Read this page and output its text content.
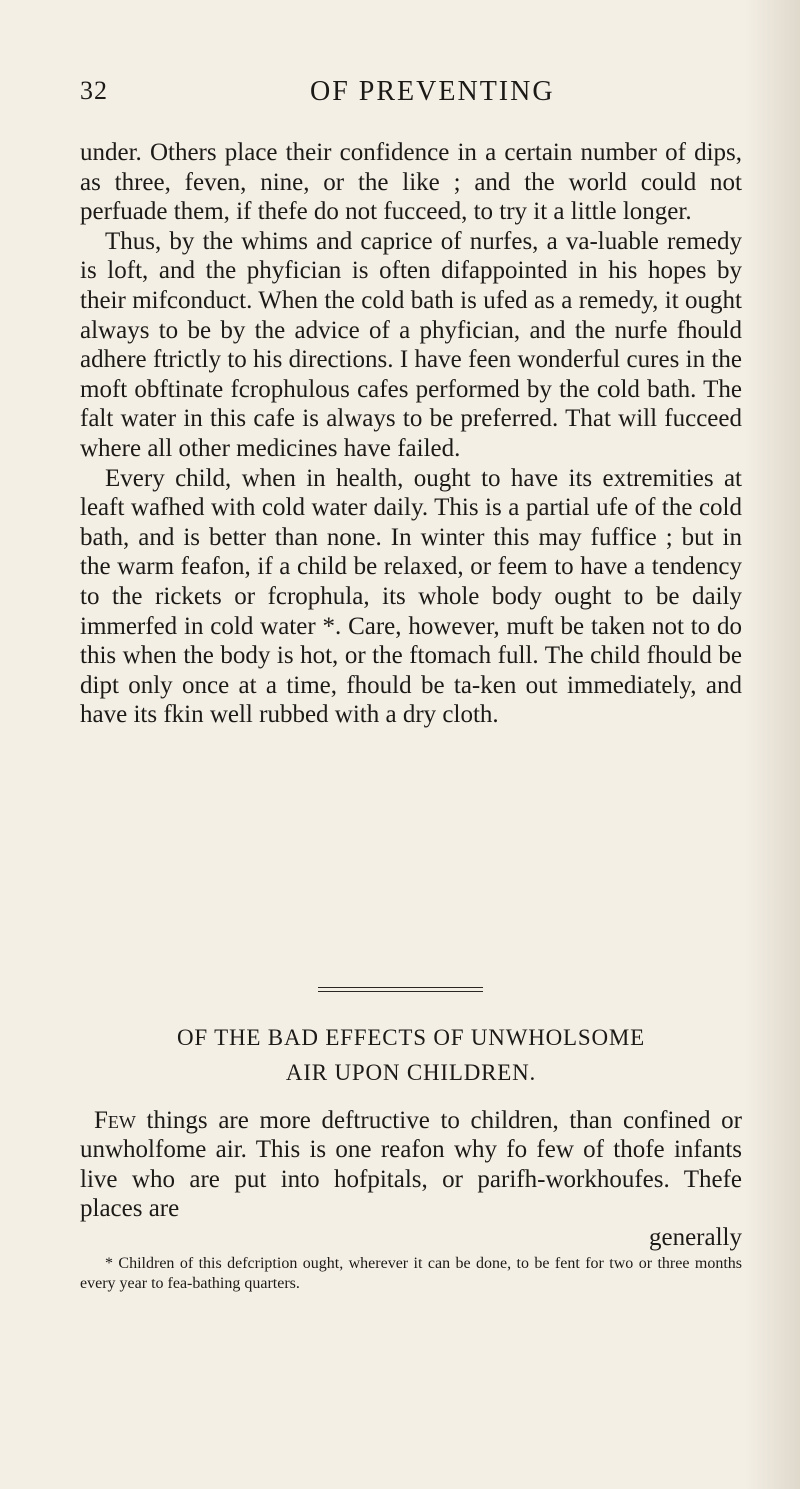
32	OF PREVENTING

under. Others place their confidence in a certain number of dips, as three, feven, nine, or the like ; and the world could not perfuade them, if thefe do not fucceed, to try it a little longer.

Thus, by the whims and caprice of nurfes, a va-luable remedy is loft, and the phyfician is often difappointed in his hopes by their mifconduct. When the cold bath is ufed as a remedy, it ought always to be by the advice of a phyfician, and the nurfe fhould adhere ftrictly to his directions. I have feen wonderful cures in the moft obftinate fcrophulous cafes performed by the cold bath. The falt water in this cafe is always to be preferred. That will fucceed where all other medicines have failed.

Every child, when in health, ought to have its extremities at leaft wafhed with cold water daily. This is a partial ufe of the cold bath, and is better than none. In winter this may fuffice ; but in the warm feafon, if a child be relaxed, or feem to have a tendency to the rickets or fcrophula, its whole body ought to be daily immerfed in cold water *. Care, however, muft be taken not to do this when the body is hot, or the ftomach full. The child fhould be dipt only once at a time, fhould be ta-ken out immediately, and have its fkin well rubbed with a dry cloth.

OF THE BAD EFFECTS OF UNWHOLSOME
AIR UPON CHILDREN.

Few things are more deftructive to children, than confined or unwholfome air. This is one reafon why fo few of thofe infants live who are put into hofpitals, or parifh-workhoufes. Thefe places are

generally

* Children of this defcription ought, wherever it can be done, to be fent for two or three months every year to fea-bathing quarters.
